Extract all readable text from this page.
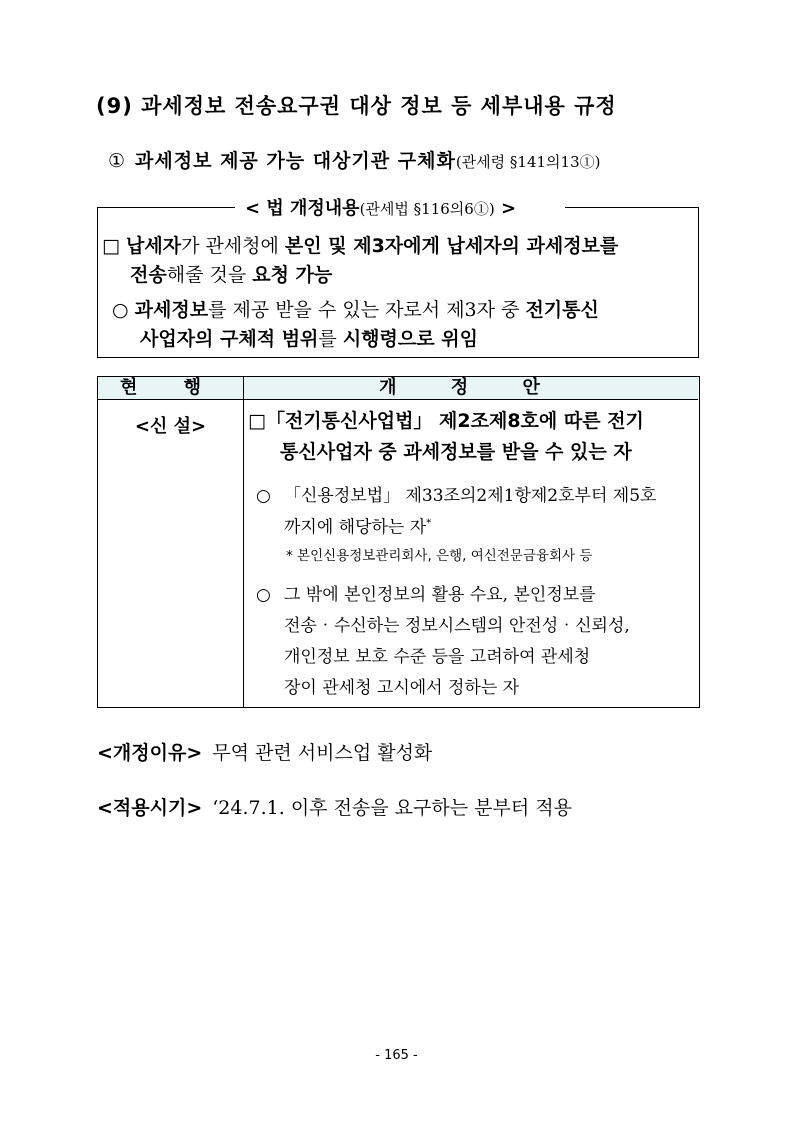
(9) 과세정보 전송요구권 대상 정보 등 세부내용 규정
① 과세정보 제공 가능 대상기관 구체화(관세령 §141의13①)
< 법 개정내용(관세법 §116의6①) >
□ 납세자가 관세청에 본인 및 제3자에게 납세자의 과세정보를
전송해줄 것을 요청 가능
○ 과세정보를 제공 받을 수 있는 자로서 제3자 중 전기통신
사업자의 구체적 범위를 시행령으로 위임
현 행	개 정 안
<신 설>	□「전기통신사업법」 제2조제8호에 따른 전기
통신사업자 중 과세정보를 받을 수 있는 자
○ 「신용정보법」 제33조의2제1항제2호부터 제5호
까지에 해당하는 자*
* 본인신용정보관리회사, 은행, 여신전문금융회사 등
○ 그 밖에 본인정보의 활용 수요, 본인정보를
전송‧수신하는 정보시스템의 안전성‧신뢰성,
개인정보 보호 수준 등을 고려하여 관세청
장이 관세청 고시에서 정하는 자
<개정이유> 무역 관련 서비스업 활성화
<적용시기> ‘24.7.1. 이후 전송을 요구하는 분부터 적용
- 165 -
